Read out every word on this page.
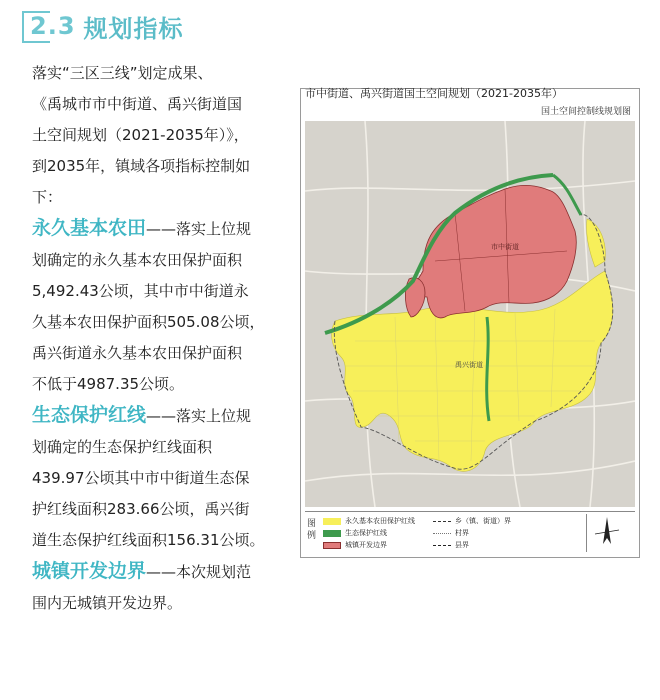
2.3 规划指标

落实“三区三线”划定成果、
《禹城市市中街道、禹兴街道国
土空间规划（2021-2035年）》，
到2035年，镇域各项指标控制如
下：

永久基本农田——落实上位规
划确定的永久基本农田保护面积
5,492.43公顷，其中市中街道永
久基本农田保护面积505.08公顷，
禹兴街道永久基本农田保护面积
不低于4987.35公顷。

生态保护红线——落实上位规
划确定的生态保护红线面积
439.97公顷其中市中街道生态保
护红线面积283.66公顷，禹兴街
道生态保护红线面积156.31公顷。

城镇开发边界——本次规划范
围内无城镇开发边界。

市中街道、禹兴街道国土空间规划（2021-2035年）
国土空间控制线规划图
市中街道
禹兴街道
图例
永久基本农田保护红线
生态保护红线
城镇开发边界
乡（镇、街道）界
村界
县界
